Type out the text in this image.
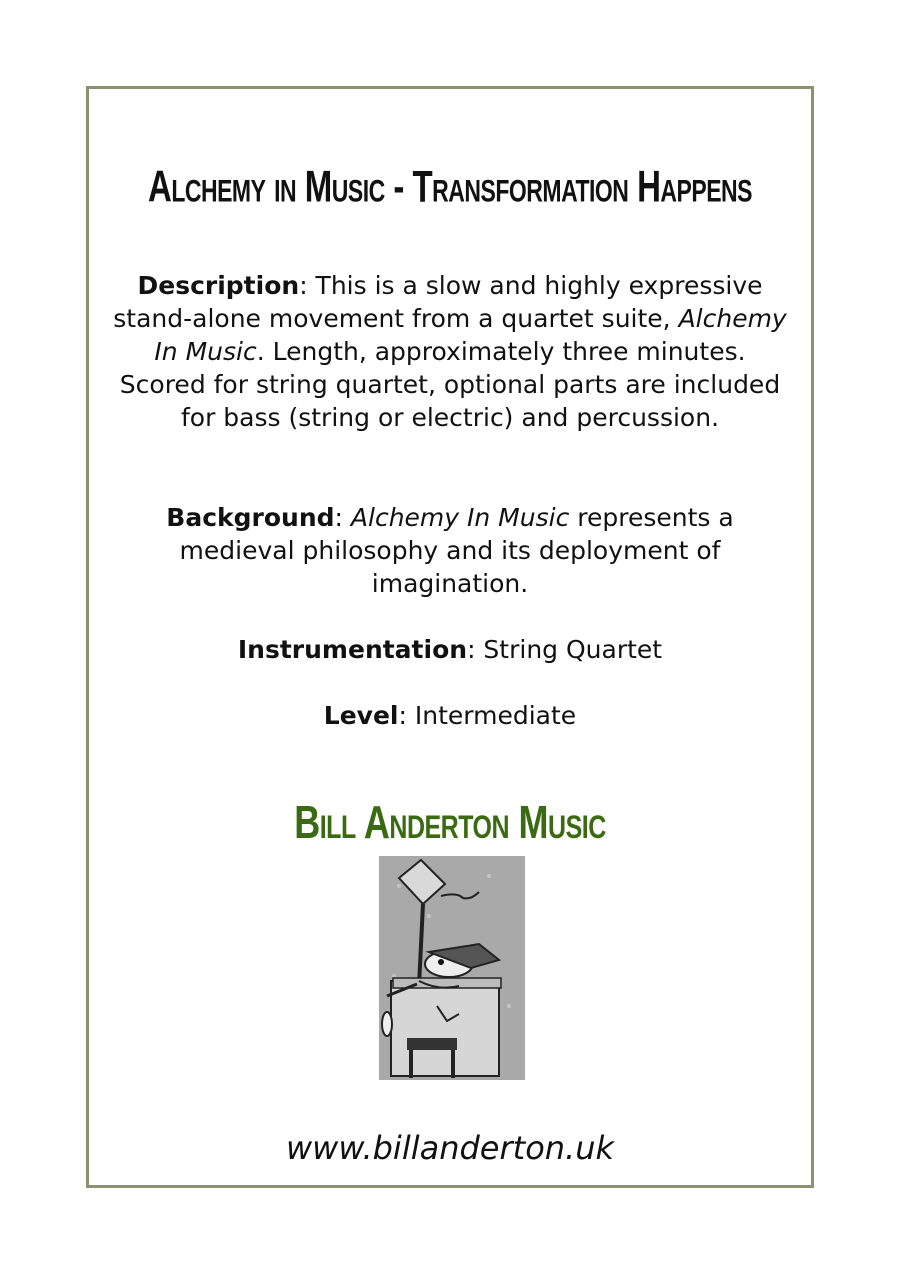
Alchemy in Music - Transformation Happens
Description: This is a slow and highly expressive stand-alone movement from a quartet suite, Alchemy In Music. Length, approximately three minutes. Scored for string quartet, optional parts are included for bass (string or electric) and percussion.
Background: Alchemy In Music represents a medieval philosophy and its deployment of imagination.
Instrumentation: String Quartet
Level: Intermediate
Bill Anderton Music
www.billanderton.uk
